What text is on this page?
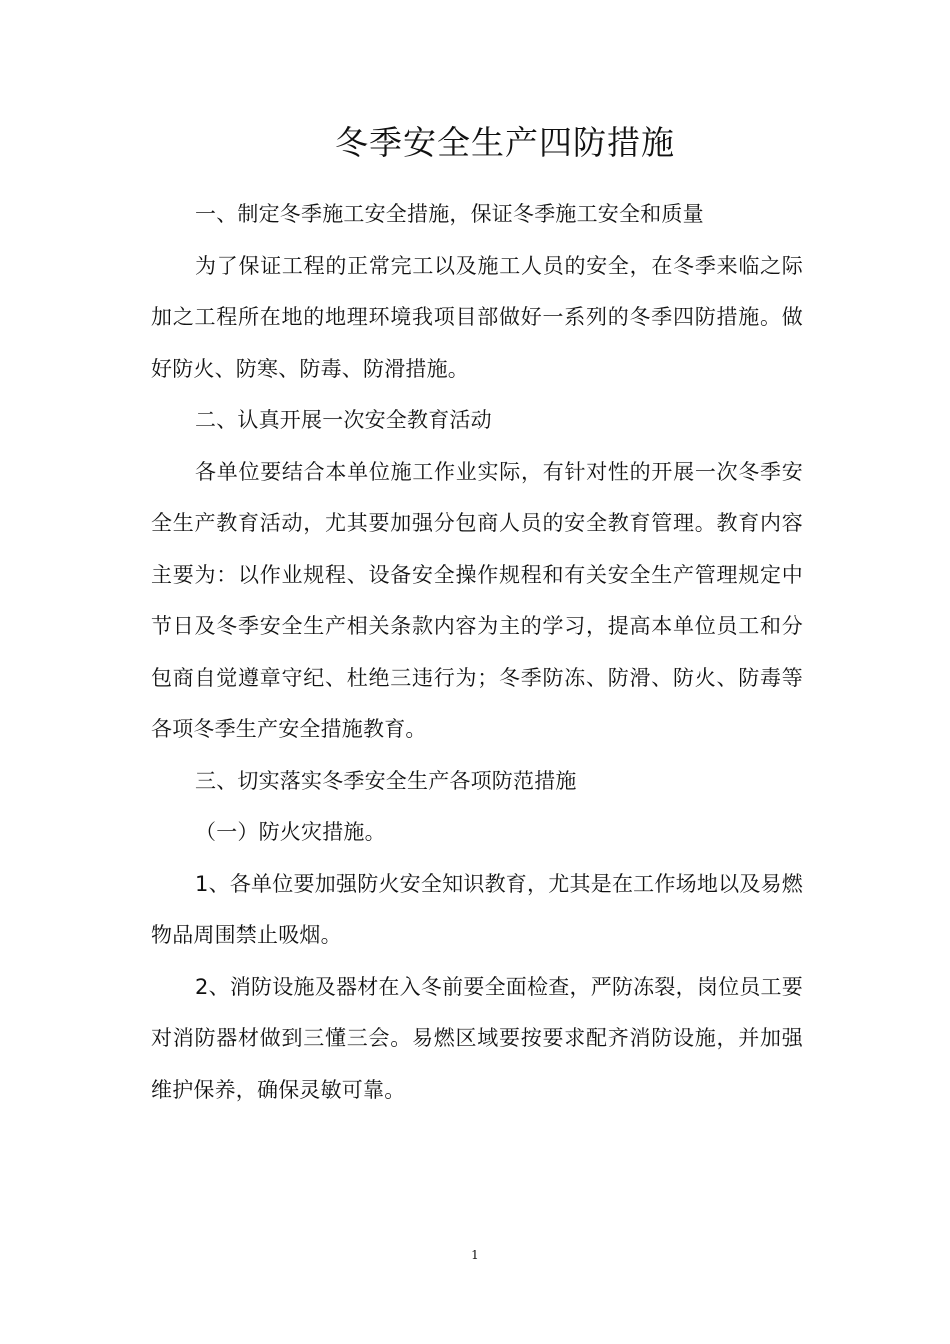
冬季安全生产四防措施

一、制定冬季施工安全措施，保证冬季施工安全和质量

为了保证工程的正常完工以及施工人员的安全，在冬季来临之际加之工程所在地的地理环境我项目部做好一系列的冬季四防措施。做好防火、防寒、防毒、防滑措施。

二、认真开展一次安全教育活动

各单位要结合本单位施工作业实际，有针对性的开展一次冬季安全生产教育活动，尤其要加强分包商人员的安全教育管理。教育内容主要为：以作业规程、设备安全操作规程和有关安全生产管理规定中节日及冬季安全生产相关条款内容为主的学习，提高本单位员工和分包商自觉遵章守纪、杜绝三违行为；冬季防冻、防滑、防火、防毒等各项冬季生产安全措施教育。

三、切实落实冬季安全生产各项防范措施

（一）防火灾措施。

1、各单位要加强防火安全知识教育，尤其是在工作场地以及易燃物品周围禁止吸烟。

2、消防设施及器材在入冬前要全面检查，严防冻裂，岗位员工要对消防器材做到三懂三会。易燃区域要按要求配齐消防设施，并加强维护保养，确保灵敏可靠。

1
